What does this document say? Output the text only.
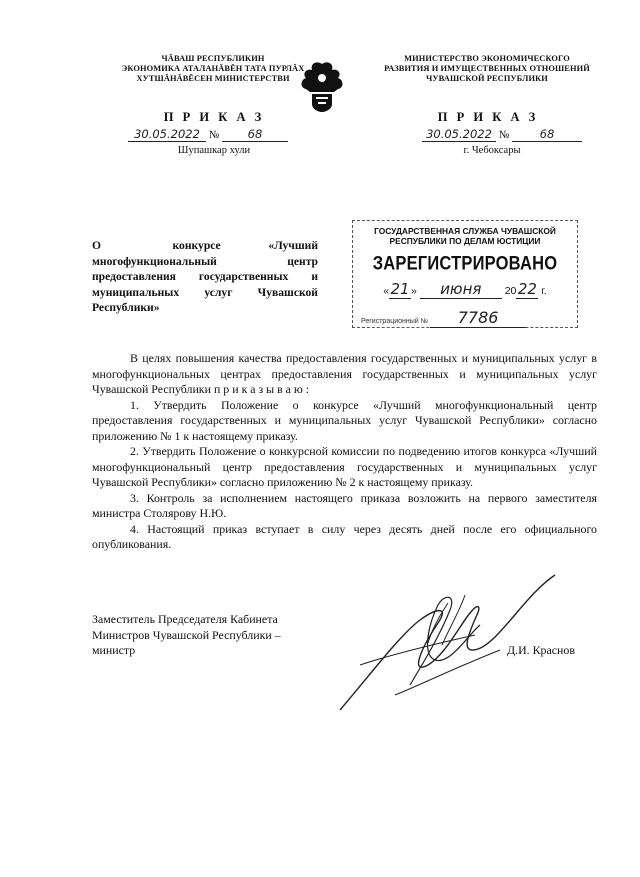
ЧĂВАШ РЕСПУБЛИКИН
ЭКОНОМИКА АТАЛАНĂВĔН ТАТА ПУРЛĂХ
ХУТШĂНĂВĔСЕН МИНИСТЕРСТВИ
МИНИСТЕРСТВО ЭКОНОМИЧЕСКОГО
РАЗВИТИЯ И ИМУЩЕСТВЕННЫХ ОТНОШЕНИЙ
ЧУВАШСКОЙ РЕСПУБЛИКИ
П Р И К А З
30.05.2022 № 68
Шупашкар хули
П Р И К А З
30.05.2022 №	68
г. Чебоксары
О         конкурсе      «Лучший
многофункциональный      центр
предоставления государственных и
муниципальных услуг Чувашской
Республики»
ГОСУДАРСТВЕННАЯ СЛУЖБА ЧУВАШСКОЙ
РЕСПУБЛИКИ ПО ДЕЛАМ ЮСТИЦИИ
ЗАРЕГИСТРИРОВАНО
«21» июня 2022 г.
Регистрационный № 7786

В целях повышения качества предоставления государственных и муниципальных услуг в многофункциональных центрах предоставления государственных и муниципальных услуг Чувашской Республики приказываю:

1. Утвердить Положение о конкурсе «Лучший многофункциональный центр предоставления государственных и муниципальных услуг Чувашской Республики» согласно приложению № 1 к настоящему приказу.

2. Утвердить Положение о конкурсной комиссии по подведению итогов конкурса «Лучший многофункциональный центр предоставления государственных и муниципальных услуг Чувашской Республики» согласно приложению № 2 к настоящему приказу.

3. Контроль за исполнением настоящего приказа возложить на первого заместителя министра Столярову Н.Ю.

4. Настоящий приказ вступает в силу через десять дней после его официального опубликования.

Заместитель Председателя Кабинета
Министров Чувашской Республики –
министр	Д.И. Краснов
